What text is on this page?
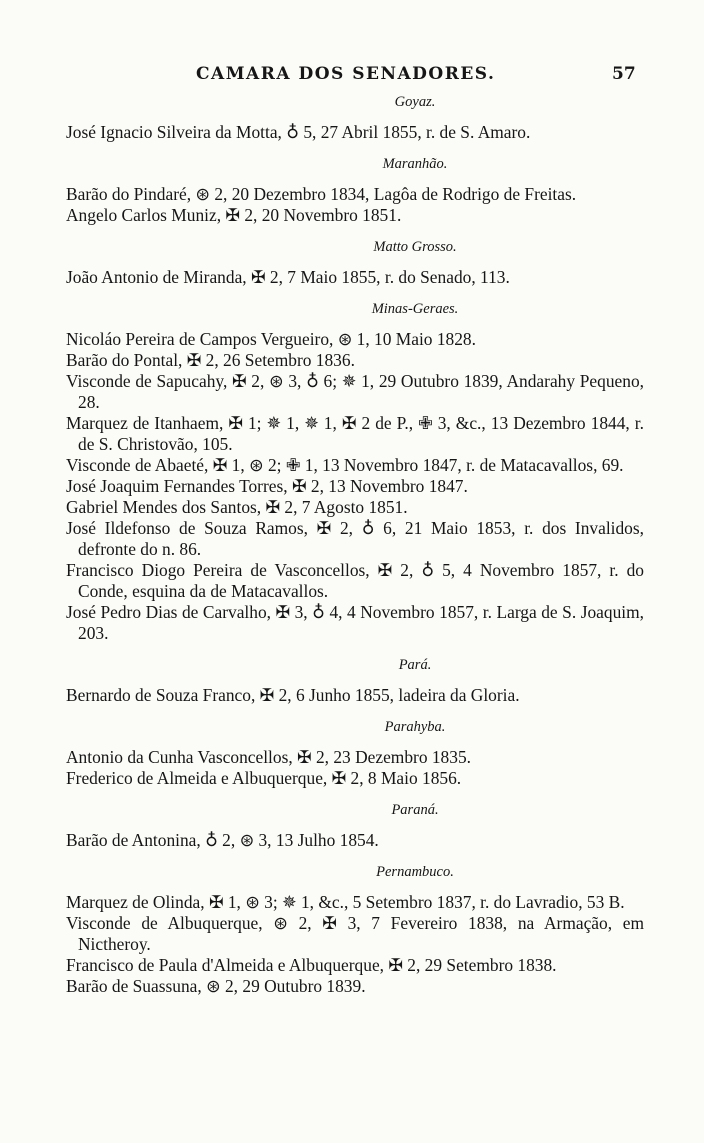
CAMARA DOS SENADORES.	57
Goyaz.

José Ignacio Silveira da Motta, ♁ 5, 27 Abril 1855, r. de S. Amaro.

Maranhão.

Barão do Pindaré, ⊛ 2, 20 Dezembro 1834, Lagôa de Rodrigo de Freitas.

Angelo Carlos Muniz, ✠ 2, 20 Novembro 1851.

Matto Grosso.

João Antonio de Miranda, ✠ 2, 7 Maio 1855, r. do Senado, 113.

Minas-Geraes.

Nicoláo Pereira de Campos Vergueiro, ⊛ 1, 10 Maio 1828.

Barão do Pontal, ✠ 2, 26 Setembro 1836.

Visconde de Sapucahy, ✠ 2, ⊛ 3, ♁ 6; ✵ 1, 29 Outubro 1839, Andarahy Pequeno, 28.

Marquez de Itanhaem, ✠ 1; ✵ 1, ✵ 1, ✠ 2 de P., ✙ 3, &c., 13 Dezembro 1844, r. de S. Christovão, 105.

Visconde de Abaeté, ✠ 1, ⊛ 2; ✙ 1, 13 Novembro 1847, r. de Matacavallos, 69.

José Joaquim Fernandes Torres, ✠ 2, 13 Novembro 1847.

Gabriel Mendes dos Santos, ✠ 2, 7 Agosto 1851.

José Ildefonso de Souza Ramos, ✠ 2, ♁ 6, 21 Maio 1853, r. dos Invalidos, defronte do n. 86.

Francisco Diogo Pereira de Vasconcellos, ✠ 2, ♁ 5, 4 Novembro 1857, r. do Conde, esquina da de Matacavallos.

José Pedro Dias de Carvalho, ✠ 3, ♁ 4, 4 Novembro 1857, r. Larga de S. Joaquim, 203.

Pará.

Bernardo de Souza Franco, ✠ 2, 6 Junho 1855, ladeira da Gloria.

Parahyba.

Antonio da Cunha Vasconcellos, ✠ 2, 23 Dezembro 1835.

Frederico de Almeida e Albuquerque, ✠ 2, 8 Maio 1856.

Paraná.

Barão de Antonina, ♁ 2, ⊛ 3, 13 Julho 1854.

Pernambuco.

Marquez de Olinda, ✠ 1, ⊛ 3; ✵ 1, &c., 5 Setembro 1837, r. do Lavradio, 53 B.

Visconde de Albuquerque, ⊛ 2, ✠ 3, 7 Fevereiro 1838, na Armação, em Nictheroy.

Francisco de Paula d'Almeida e Albuquerque, ✠ 2, 29 Setembro 1838.

Barão de Suassuna, ⊛ 2, 29 Outubro 1839.
